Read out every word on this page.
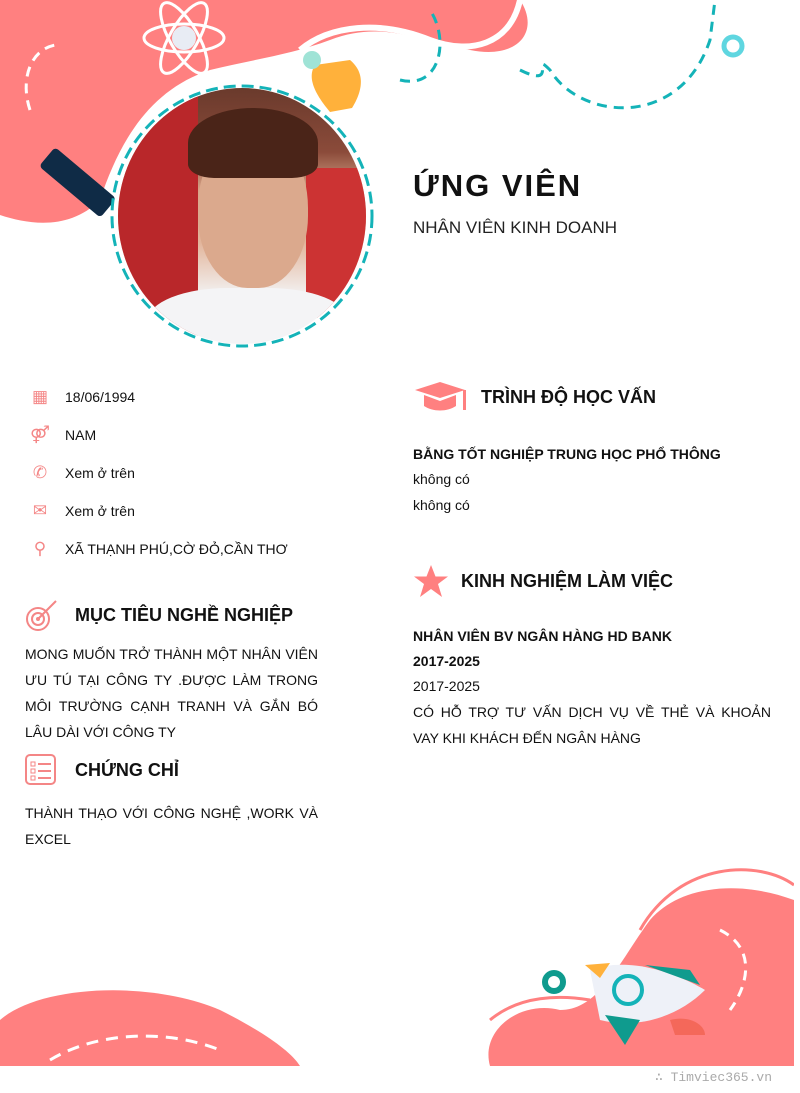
ỨNG VIÊN
NHÂN VIÊN KINH DOANH
▦ 18/06/1994
⚤ NAM
✆ Xem ở trên
✉ Xem ở trên
⚲ XÃ THẠNH PHÚ,CỜ ĐỎ,CẦN THƠ
MỤC TIÊU NGHỀ NGHIỆP
MONG MUỐN TRỞ THÀNH MỘT NHÂN VIÊN ƯU TÚ TẠI CÔNG TY .ĐƯỢC LÀM TRONG MÔI TRƯỜNG CẠNH TRANH VÀ GẮN BÓ LÂU DÀI VỚI CÔNG TY
CHỨNG CHỈ
THÀNH THẠO VỚI CÔNG NGHỆ ,WORK VÀ EXCEL
TRÌNH ĐỘ HỌC VẤN
BẰNG TỐT NGHIỆP TRUNG HỌC PHỔ THÔNG
không có
không có
KINH NGHIỆM LÀM VIỆC
NHÂN VIÊN BV NGÂN HÀNG HD BANK
2017-2025
2017-2025
CÓ HỖ TRỢ TƯ VẤN DỊCH VỤ VỀ THẺ VÀ KHOẢN VAY KHI KHÁCH ĐẾN NGÂN HÀNG
∴ Timviec365.vn
